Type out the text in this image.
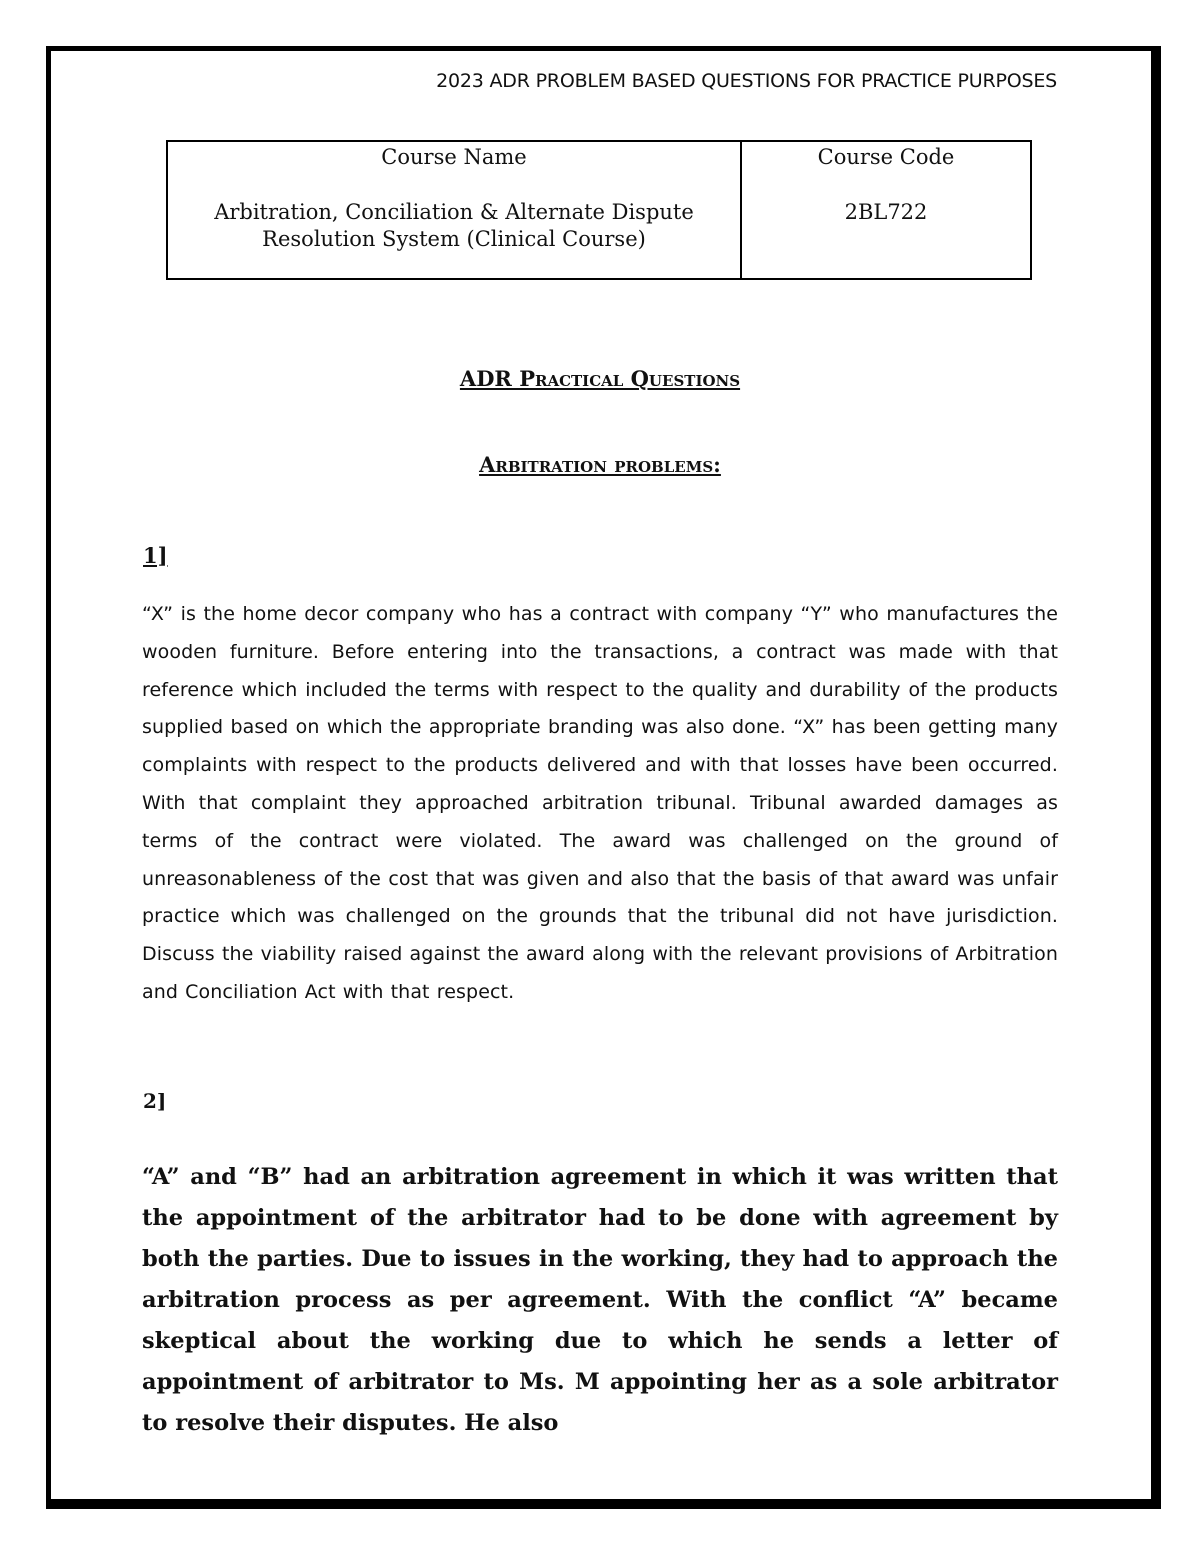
2023 ADR PROBLEM BASED QUESTIONS FOR PRACTICE PURPOSES
Course Name
Arbitration, Conciliation & Alternate Dispute Resolution System (Clinical Course)
Course Code
2BL722
ADR Practical Questions
Arbitration problems:
1]
“X” is the home decor company who has a contract with company “Y” who manufactures the wooden furniture. Before entering into the transactions, a contract was made with that reference which included the terms with respect to the quality and durability of the products supplied based on which the appropriate branding was also done. “X” has been getting many complaints with respect to the products delivered and with that losses have been occurred. With that complaint they approached arbitration tribunal. Tribunal awarded damages as terms of the contract were violated. The award was challenged on the ground of unreasonableness of the cost that was given and also that the basis of that award was unfair practice which was challenged on the grounds that the tribunal did not have jurisdiction. Discuss the viability raised against the award along with the relevant provisions of Arbitration and Conciliation Act with that respect.
2]
“A” and “B” had an arbitration agreement in which it was written that the appointment of the arbitrator had to be done with agreement by both the parties. Due to issues in the working, they had to approach the arbitration process as per agreement. With the conflict “A” became skeptical about the working due to which he sends a letter of appointment of arbitrator to Ms. M appointing her as a sole arbitrator to resolve their disputes. He also
